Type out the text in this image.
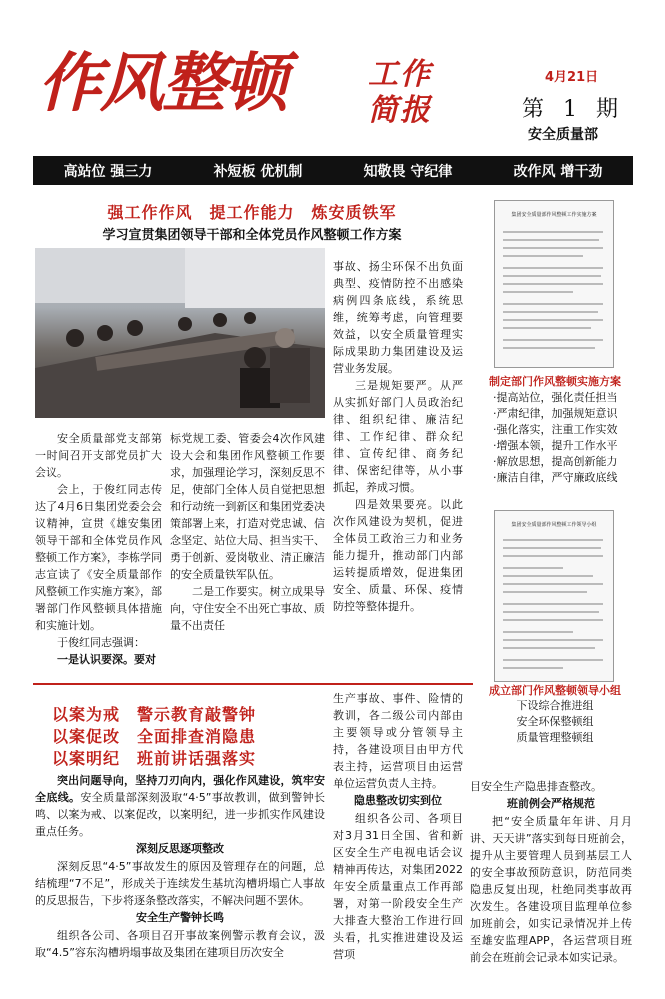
作风整顿	工作
简报
4月21日
第 1 期
安全质量部
高站位 强三力	补短板 优机制	知敬畏 守纪律	改作风 增干劲
强工作作风　提工作能力　炼安质铁军
学习宣贯集团领导干部和全体党员作风整顿工作方案

安全质量部党支部第一时间召开支部党员扩大会议。

会上，于俊红同志传达了4月6日集团党委会会议精神，宣贯《雄安集团领导干部和全体党员作风整顿工作方案》，李栋学同志宣读了《安全质量部作风整顿工作实施方案》，部署部门作风整顿具体措施和实施计划。

于俊红同志强调：

一是认识要深。要对

标党规工委、管委会4次作风建设大会和集团作风整顿工作要求，加强理论学习，深刻反思不足，使部门全体人员自觉把思想和行动统一到新区和集团党委决策部署上来，打造对党忠诚、信念坚定、站位大局、担当实干、勇于创新、爱岗敬业、清正廉洁的安全质量铁军队伍。

二是工作要实。树立成果导向，守住安全不出死亡事故、质量不出责任

事故、扬尘环保不出负面典型、疫情防控不出感染病例四条底线，系统思维，统筹考虑，向管理要效益，以安全质量管理实际成果助力集团建设及运营业务发展。

三是规矩要严。从严从实抓好部门人员政治纪律、组织纪律、廉洁纪律、工作纪律、群众纪律、宣传纪律、商务纪律、保密纪律等，从小事抓起，养成习惯。

四是效果要亮。以此次作风建设为契机，促进全体员工政治三力和业务能力提升，推动部门内部运转提质增效，促进集团安全、质量、环保、疫情防控等整体提升。

集团安全质量部作风整顿工作实施方案
制定部门作风整顿实施方案
·提高站位，强化责任担当
·严肃纪律，加强规矩意识
·强化落实，注重工作实效
·增强本领，提升工作水平
·解放思想，提高创新能力
·廉洁自律，严守廉政底线
集团安全质量部作风整顿工作领导小组
成立部门作风整顿领导小组
下设综合推进组
安全环保整顿组
质量管理整顿组
以案为戒　警示教育敲警钟
以案促改　全面排查消隐患
以案明纪　班前讲话强落实

突出问题导向，坚持刀刃向内，强化作风建设，筑牢安全底线。安全质量部深刻汲取“4·5”事故教训，做到警钟长鸣、以案为戒、以案促改，以案明纪，进一步抓实作风建设重点任务。

深刻反思逐项整改

深刻反思“4·5”事故发生的原因及管理存在的问题，总结梳理“7不足”，形成关于连续发生基坑沟槽坍塌亡人事故的反思报告，下步将逐条整改落实，不解决问题不罢休。

安全生产警钟长鸣

组织各公司、各项目召开事故案例警示教育会议，汲取“4.5”容东沟槽坍塌事故及集团在建项目历次安全

生产事故、事件、险情的教训，各二级公司内部由主要领导或分管领导主持，各建设项目由甲方代表主持，运营项目由运营单位运营负责人主持。

隐患整改切实到位

组织各公司、各项目对3月31日全国、省和新区安全生产电视电话会议精神再传达，对集团2022年安全质量重点工作再部署，对第一阶段安全生产大排查大整治工作进行回头看，扎实推进建设及运营项

目安全生产隐患排查整改。

班前例会严格规范

把“安全质量年年讲、月月讲、天天讲”落实到每日班前会，提升从主要管理人员到基层工人的安全事故预防意识，防范同类隐患反复出现，杜绝同类事故再次发生。各建设项目监理单位参加班前会，如实记录情况并上传至雄安监理APP，各运营项目班前会在班前会记录本如实记录。
